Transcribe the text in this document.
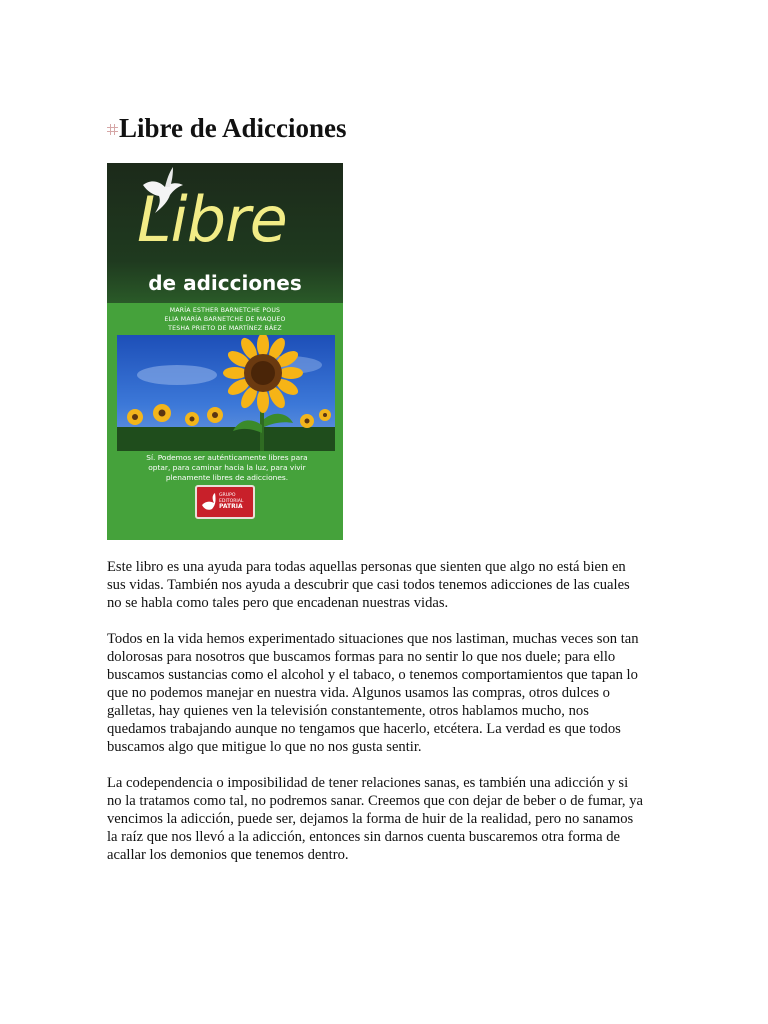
Libre de Adicciones
Libre
de adicciones
MARÍA ESTHER BARNETCHE POUS
ELIA MARÍA BARNETCHE DE MAQUEO
TESHA PRIETO DE MARTÍNEZ BÁEZ
Sí. Podemos ser auténticamente libres para
optar, para caminar hacia la luz, para vivir
plenamente libres de adicciones.
GRUPO
EDITORIAL
PATRIA

Este libro es una ayuda para todas aquellas personas que sienten que algo no está bien en
sus vidas. También nos ayuda a descubrir que casi todos tenemos adicciones de las cuales
no se habla como tales pero que encadenan nuestras vidas.

Todos en la vida hemos experimentado situaciones que nos lastiman, muchas veces son tan
dolorosas para nosotros que buscamos formas para no sentir lo que nos duele; para ello
buscamos sustancias como el alcohol y el tabaco, o tenemos comportamientos que tapan lo
que no podemos manejar en nuestra vida. Algunos usamos las compras, otros dulces o
galletas, hay quienes ven la televisión constantemente, otros hablamos mucho, nos
quedamos trabajando aunque no tengamos que hacerlo, etcétera. La verdad es que todos
buscamos algo que mitigue lo que no nos gusta sentir.

La codependencia o imposibilidad de tener relaciones sanas, es también una adicción y si
no la tratamos como tal, no podremos sanar. Creemos que con dejar de beber o de fumar, ya
vencimos la adicción, puede ser, dejamos la forma de huir de la realidad, pero no sanamos
la raíz que nos llevó a la adicción, entonces sin darnos cuenta buscaremos otra forma de
acallar los demonios que tenemos dentro.
